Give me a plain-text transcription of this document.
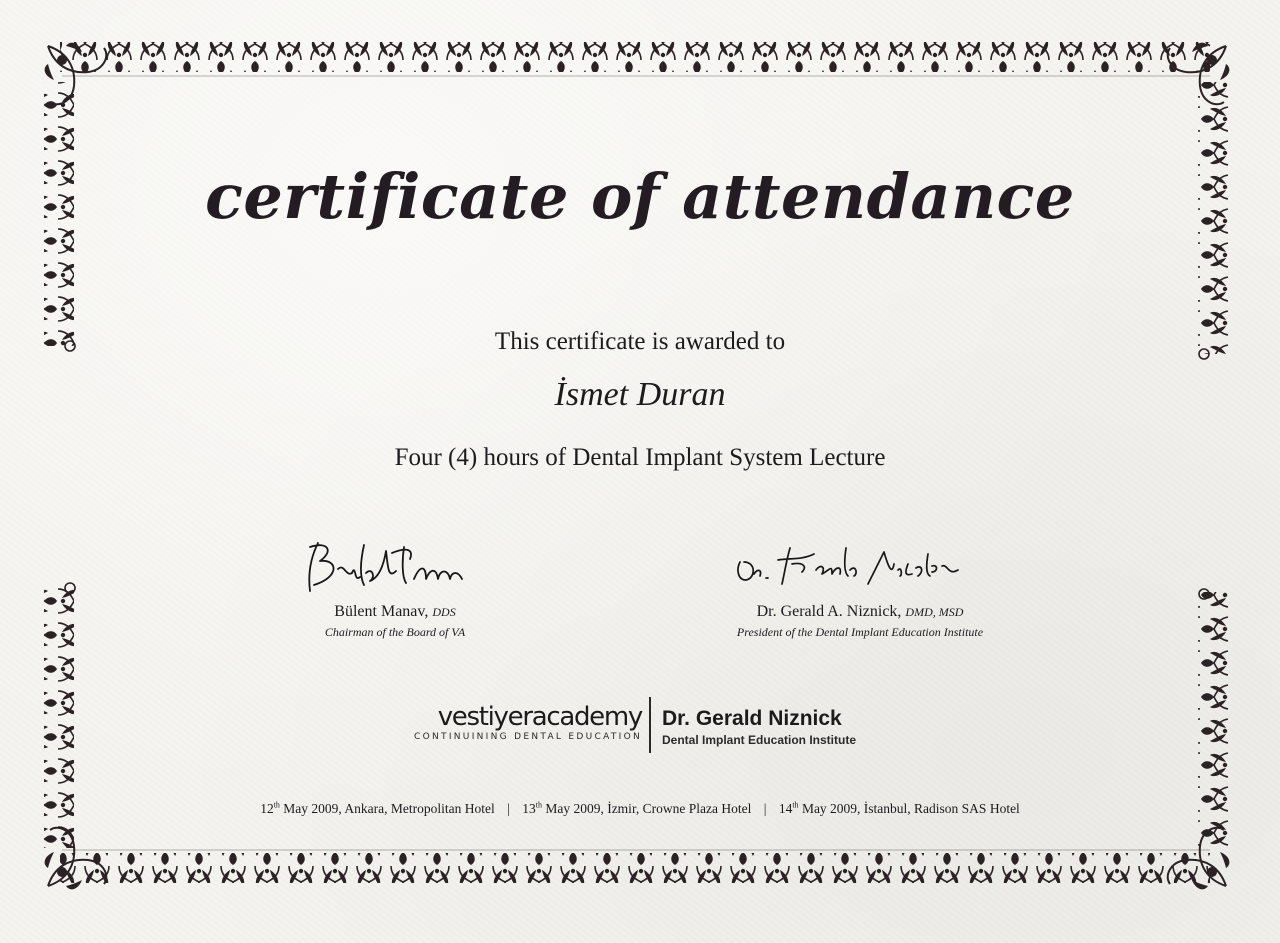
certificate of attendance
This certificate is awarded to
İsmet Duran
Four (4) hours of Dental Implant System Lecture
Bülent Manav, DDS
Chairman of the Board of VA
Dr. Gerald A. Niznick, DMD, MSD
President of the Dental Implant Education Institute
vestiyeracademy
CONTINUINING DENTAL EDUCATION
Dr. Gerald Niznick
Dental Implant Education Institute
12th May 2009, Ankara, Metropolitan Hotel | 13th May 2009, İzmir, Crowne Plaza Hotel | 14th May 2009, İstanbul, Radison SAS Hotel
